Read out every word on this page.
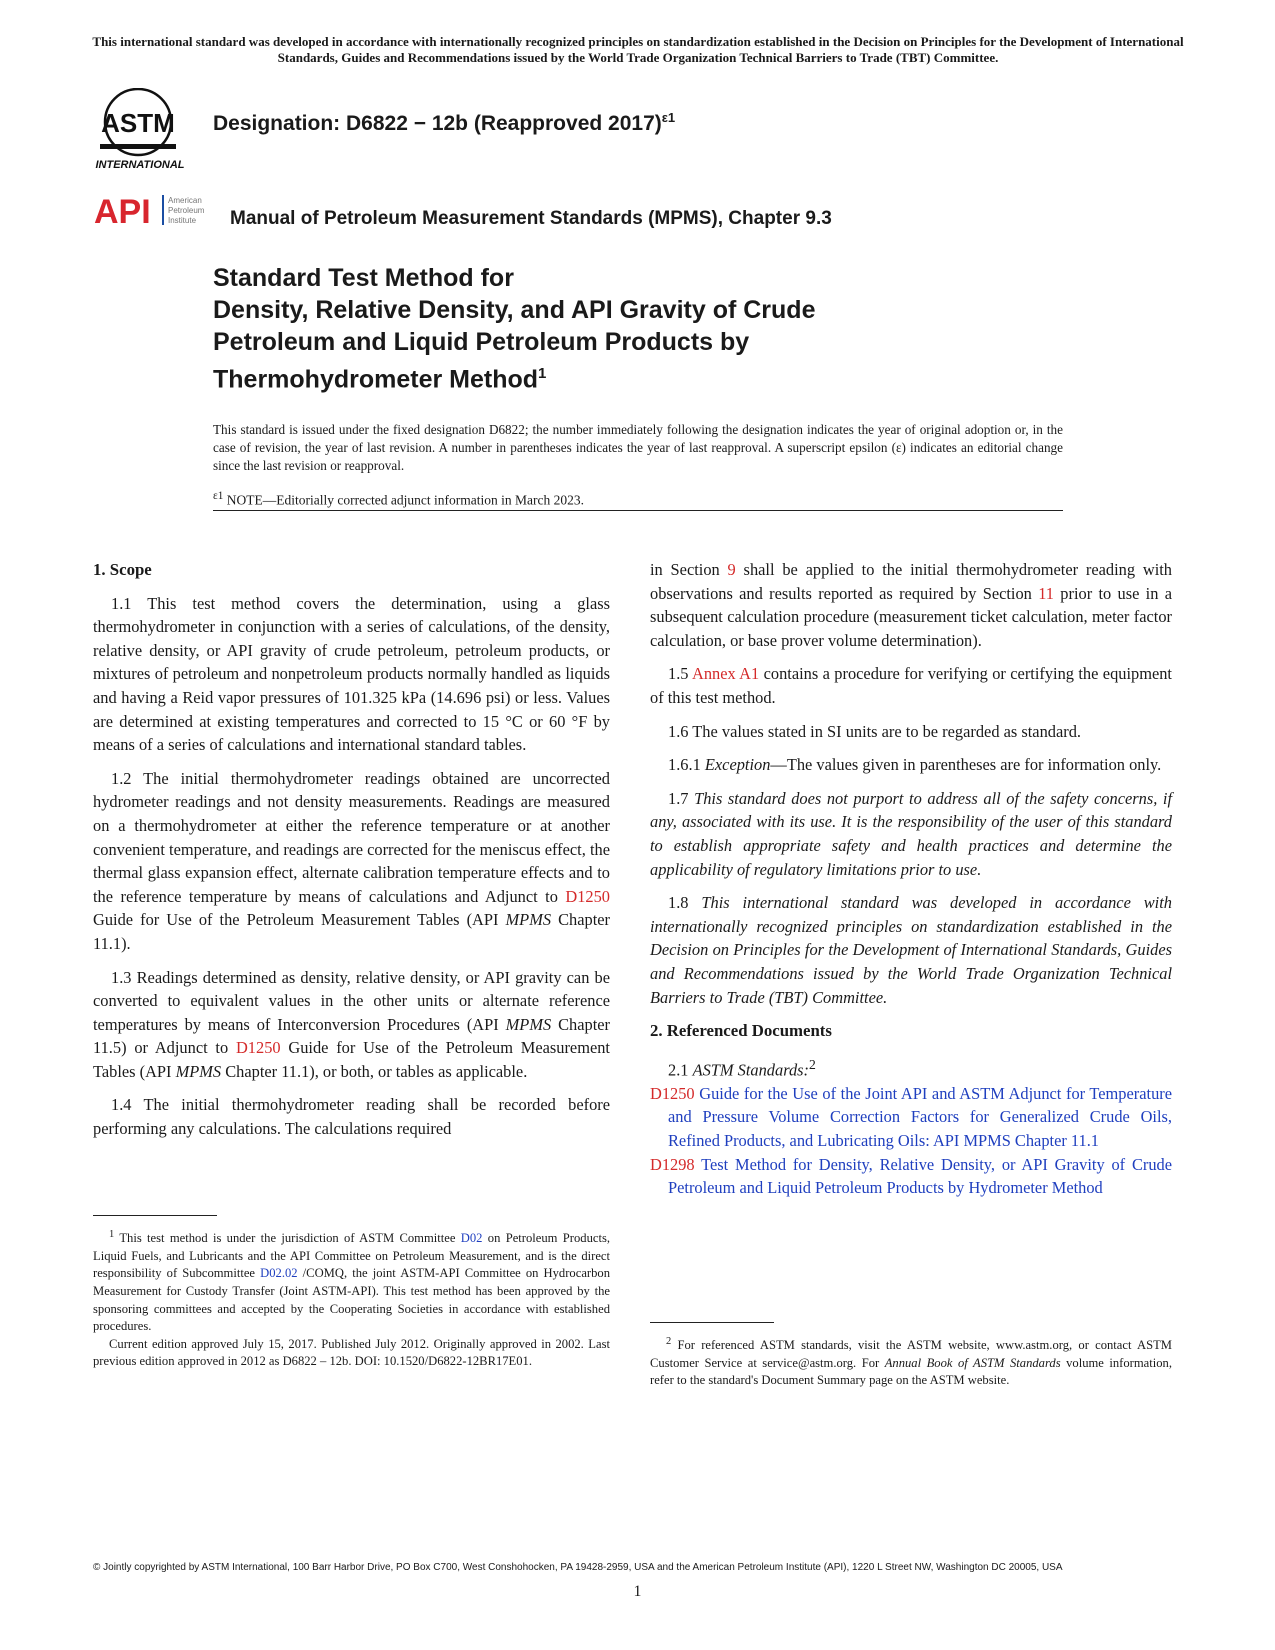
This international standard was developed in accordance with internationally recognized principles on standardization established in the Decision on Principles for the Development of International Standards, Guides and Recommendations issued by the World Trade Organization Technical Barriers to Trade (TBT) Committee.
ASTM
INTERNATIONAL
Designation: D6822 − 12b (Reapproved 2017)$^{\varepsilon 1}$
API American
Petroleum
Institute Manual of Petroleum Measurement Standards (MPMS), Chapter 9.3
Standard Test Method for
Density, Relative Density, and API Gravity of Crude
Petroleum and Liquid Petroleum Products by
Thermohydrometer Method$^1$
This standard is issued under the fixed designation D6822; the number immediately following the designation indicates the year of original adoption or, in the case of revision, the year of last revision. A number in parentheses indicates the year of last reapproval. A superscript epsilon (ε) indicates an editorial change since the last revision or reapproval.
$^{\varepsilon 1}$ NOTE—Editorially corrected adjunct information in March 2023.
1. Scope

1.1 This test method covers the determination, using a glass thermohydrometer in conjunction with a series of calculations, of the density, relative density, or API gravity of crude petroleum, petroleum products, or mixtures of petroleum and nonpetroleum products normally handled as liquids and having a Reid vapor pressures of 101.325 kPa (14.696 psi) or less. Values are determined at existing temperatures and corrected to 15 °C or 60 °F by means of a series of calculations and international standard tables.

1.2 The initial thermohydrometer readings obtained are uncorrected hydrometer readings and not density measurements. Readings are measured on a thermohydrometer at either the reference temperature or at another convenient temperature, and readings are corrected for the meniscus effect, the thermal glass expansion effect, alternate calibration temperature effects and to the reference temperature by means of calculations and Adjunct to D1250 Guide for Use of the Petroleum Measurement Tables (API MPMS Chapter 11.1).

1.3 Readings determined as density, relative density, or API gravity can be converted to equivalent values in the other units or alternate reference temperatures by means of Interconversion Procedures (API MPMS Chapter 11.5) or Adjunct to D1250 Guide for Use of the Petroleum Measurement Tables (API MPMS Chapter 11.1), or both, or tables as applicable.

1.4 The initial thermohydrometer reading shall be recorded before performing any calculations. The calculations required

$^1$ This test method is under the jurisdiction of ASTM Committee D02 on Petroleum Products, Liquid Fuels, and Lubricants and the API Committee on Petroleum Measurement, and is the direct responsibility of Subcommittee D02.02 /COMQ, the joint ASTM-API Committee on Hydrocarbon Measurement for Custody Transfer (Joint ASTM-API). This test method has been approved by the sponsoring committees and accepted by the Cooperating Societies in accordance with established procedures.

Current edition approved July 15, 2017. Published July 2012. Originally approved in 2002. Last previous edition approved in 2012 as D6822 – 12b. DOI: 10.1520/D6822-12BR17E01.

in Section 9 shall be applied to the initial thermohydrometer reading with observations and results reported as required by Section 11 prior to use in a subsequent calculation procedure (measurement ticket calculation, meter factor calculation, or base prover volume determination).

1.5 Annex A1 contains a procedure for verifying or certifying the equipment of this test method.

1.6 The values stated in SI units are to be regarded as standard.

1.6.1 Exception—The values given in parentheses are for information only.

1.7 This standard does not purport to address all of the safety concerns, if any, associated with its use. It is the responsibility of the user of this standard to establish appropriate safety and health practices and determine the applicability of regulatory limitations prior to use.

1.8 This international standard was developed in accordance with internationally recognized principles on standardization established in the Decision on Principles for the Development of International Standards, Guides and Recommendations issued by the World Trade Organization Technical Barriers to Trade (TBT) Committee.

2. Referenced Documents

2.1 ASTM Standards:$^2$

D1250 Guide for the Use of the Joint API and ASTM Adjunct for Temperature and Pressure Volume Correction Factors for Generalized Crude Oils, Refined Products, and Lubricating Oils: API MPMS Chapter 11.1
D1298 Test Method for Density, Relative Density, or API Gravity of Crude Petroleum and Liquid Petroleum Products by Hydrometer Method

$^2$ For referenced ASTM standards, visit the ASTM website, www.astm.org, or contact ASTM Customer Service at service@astm.org. For Annual Book of ASTM Standards volume information, refer to the standard's Document Summary page on the ASTM website.

© Jointly copyrighted by ASTM International, 100 Barr Harbor Drive, PO Box C700, West Conshohocken, PA 19428-2959, USA and the American Petroleum Institute (API), 1220 L Street NW, Washington DC 20005, USA
1
